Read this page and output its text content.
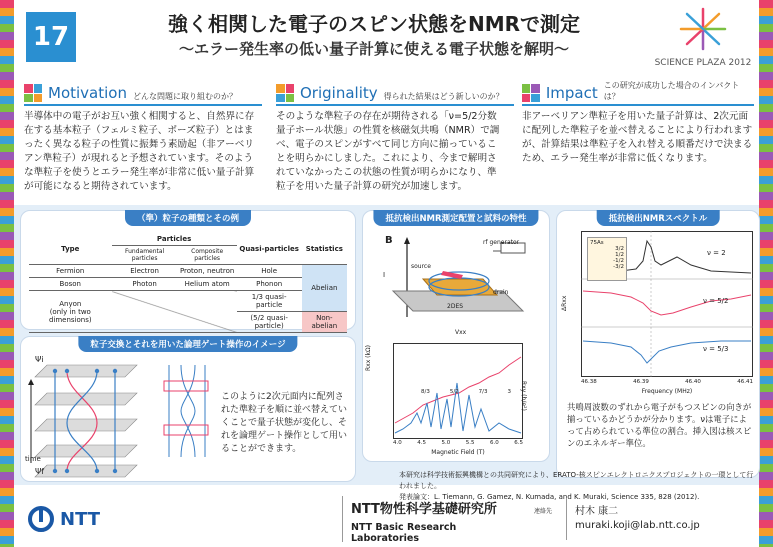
17	強く相関した電子のスピン状態をNMRで測定
～エラー発生率の低い量子計算に使える電子状態を解明～
SCIENCE PLAZA 2012
Motivation どんな問題に取り組むのか？
半導体中の電子がお互い強く相関すると、自然界に存在する基本粒子（フェルミ粒子、ボーズ粒子）とはまったく異なる粒子の性質に振舞う素励起（非アーベリアン準粒子）が現れると予想されています。そのような準粒子を使うとエラー発生率が非常に低い量子計算が可能になると期待されています。
Originality 得られた結果はどう新しいのか？
そのような準粒子の存在が期待される「ν=5/2分数量子ホール状態」の性質を核磁気共鳴（NMR）で調べ、電子のスピンがすべて同じ方向に揃っていることを明らかにしました。これにより、今まで解明されていなかったこの状態の性質が明らかになり、準粒子を用いた量子計算の研究が加速します。
Impact この研究が成功した場合のインパクトは？
非アーベリアン準粒子を用いた量子計算は、2次元面に配列した準粒子を並べ替えることにより行われますが、計算結果は準粒子を入れ替える順番だけで決まるため、エラー発生率が非常に低くなります。
（準）粒子の種類とその例
Type	Particles		Quasi-particles	Statistics
	Fundamental particles	Composite particles		
Fermion	Electron	Proton, neutron	Hole	Abelian
Boson	Photon	Helium atom	Phonon	
Anyon
(only in two dimensions)			1/3 quasi-particle	
			(5/2 quasi-particle)	Non-abelian
粒子交換とそれを用いた論理ゲート操作のイメージ
time
Ψi
Ψf
このように2次元面内に配列された準粒子を順に並べ替えていくことで量子状態が変化し、それを論理ゲート操作として用いることができます。
抵抗検出NMR測定配置と試料の特性
B	rf generator
source
drain
2DES
Vxx
I
Rxx (kΩ)
Rxy (h/e²)
4.0	4.5	5.0	5.5	6.0	6.5
Magnetic Field (T)
8/3	5/2	7/3	3
抵抗検出NMRスペクトル
75As
3/2
1/2
-1/2
-3/2
ν = 2
ν = 5/2
ν = 5/3
ΔRxx
46.38	46.39	46.40	46.41
Frequency (MHz)
共鳴周波数のずれから電子がもつスピンの向きが揃っているかどうかが分かります。νは電子によって占められている準位の割合。挿入図は核スピンのエネルギー準位。
本研究は科学技術振興機構との共同研究により、ERATO-核スピンエレクトロニクスプロジェクトの一環として行われました。
発表論文：L. Tiemann, G. Gamez, N. Kumada, and K. Muraki, Science 335, 828 (2012).
NTT	NTT物性科学基礎研究所
NTT Basic Research Laboratories
連絡先 村木 康二
muraki.koji@lab.ntt.co.jp
